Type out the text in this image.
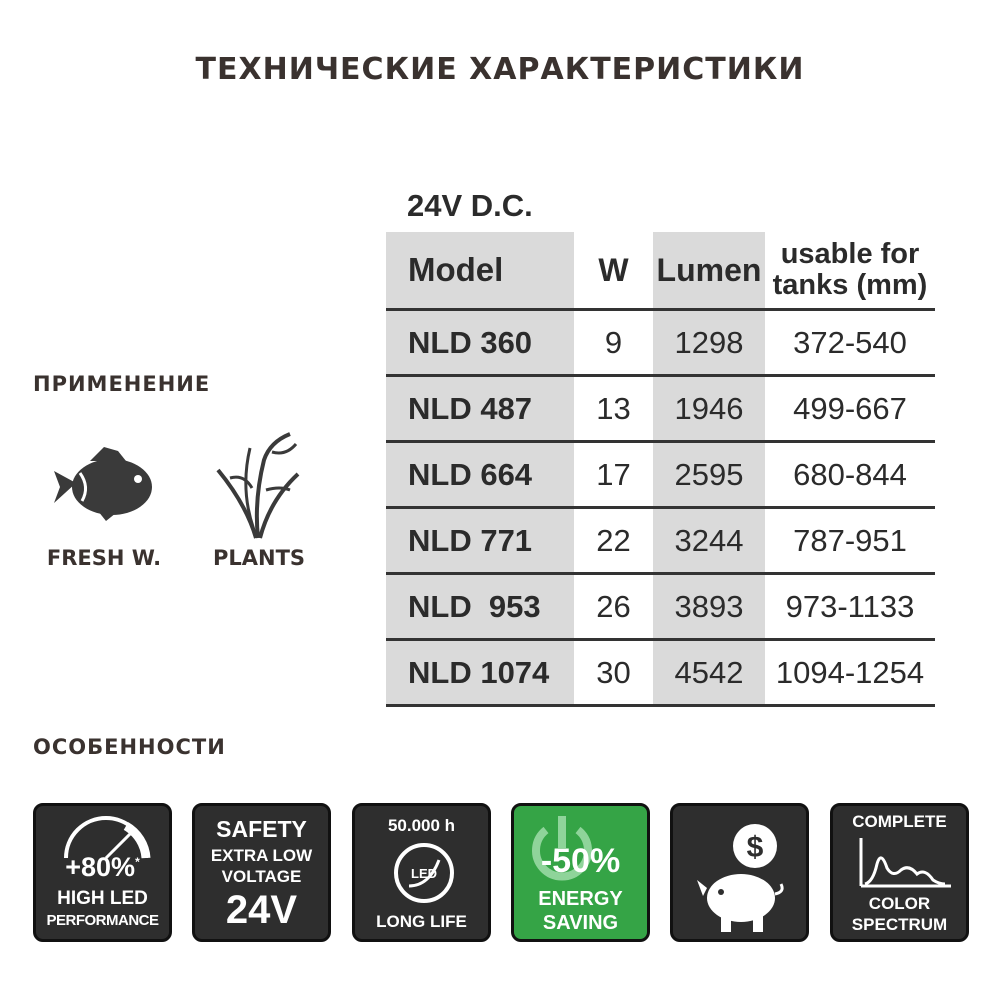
ТЕХНИЧЕСКИЕ ХАРАКТЕРИСТИКИ
24V D.C.
Model	W	Lumen	usable for
tanks (mm)
NLD 360	9	1298	372-540
NLD 487	13	1946	499-667
NLD 664	17	2595	680-844
NLD 771	22	3244	787-951
NLD  953	26	3893	973-1133
NLD 1074	30	4542	1094-1254
ПРИМЕНЕНИЕ
FRESH W.	PLANTS
ОСОБЕННОСТИ
+80%*
HIGH LED
PERFORMANCE
SAFETY
EXTRA LOW
VOLTAGE
24V
50.000 h
LED
LONG LIFE
-50%
ENERGY
SAVING
$
COMPLETE
COLOR
SPECTRUM
